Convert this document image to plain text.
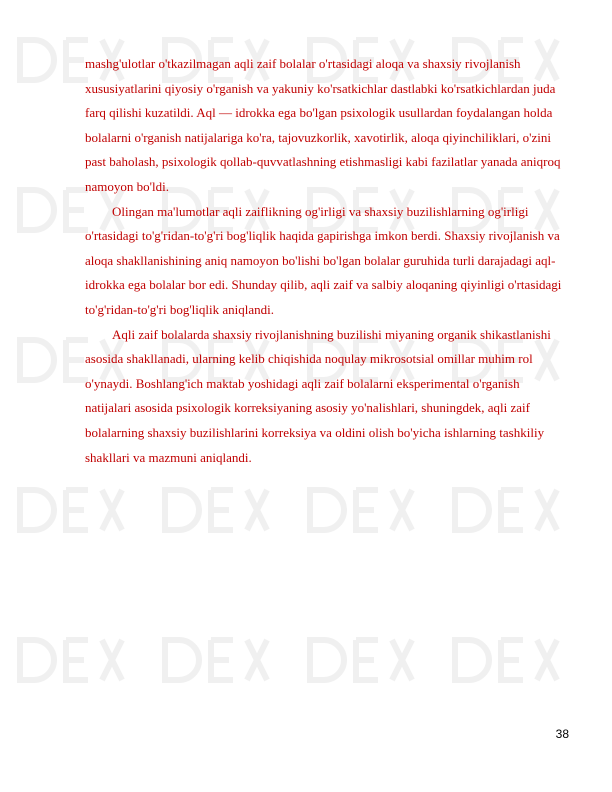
mashg'ulotlar o'tkazilmagan aqli zaif bolalar o'rtasidagi aloqa va shaxsiy rivojlanish xususiyatlarini qiyosiy o'rganish va yakuniy ko'rsatkichlar dastlabki ko'rsatkichlardan juda farq qilishi kuzatildi. Aql — idrokka ega bo'lgan psixologik usullardan foydalangan holda bolalarni o'rganish natijalariga ko'ra, tajovuzkorlik, xavotirlik, aloqa qiyinchiliklari, o'zini past baholash, psixologik qollab-quvvatlashning etishmasligi kabi fazilatlar yanada aniqroq namoyon bo'ldi.

Olingan ma'lumotlar aqli zaiflikning og'irligi va shaxsiy buzilishlarning og'irligi o'rtasidagi to'g'ridan-to'g'ri bog'liqlik haqida gapirishga imkon berdi. Shaxsiy rivojlanish va aloqa shakllanishining aniq namoyon bo'lishi bo'lgan bolalar guruhida turli darajadagi aql-idrokka ega bolalar bor edi. Shunday qilib, aqli zaif va salbiy aloqaning qiyinligi o'rtasidagi to'g'ridan-to'g'ri bog'liqlik aniqlandi.

Aqli zaif bolalarda shaxsiy rivojlanishning buzilishi miyaning organik shikastlanishi asosida shakllanadi, ularning kelib chiqishida noqulay mikrosotsial omillar muhim rol o'ynaydi. Boshlang'ich maktab yoshidagi aqli zaif bolalarni eksperimental o'rganish natijalari asosida psixologik korreksiyaning asosiy yo'nalishlari, shuningdek, aqli zaif bolalarning shaxsiy buzilishlarini korreksiya va oldini olish bo'yicha ishlarning tashkiliy shakllari va mazmuni aniqlandi.

38
